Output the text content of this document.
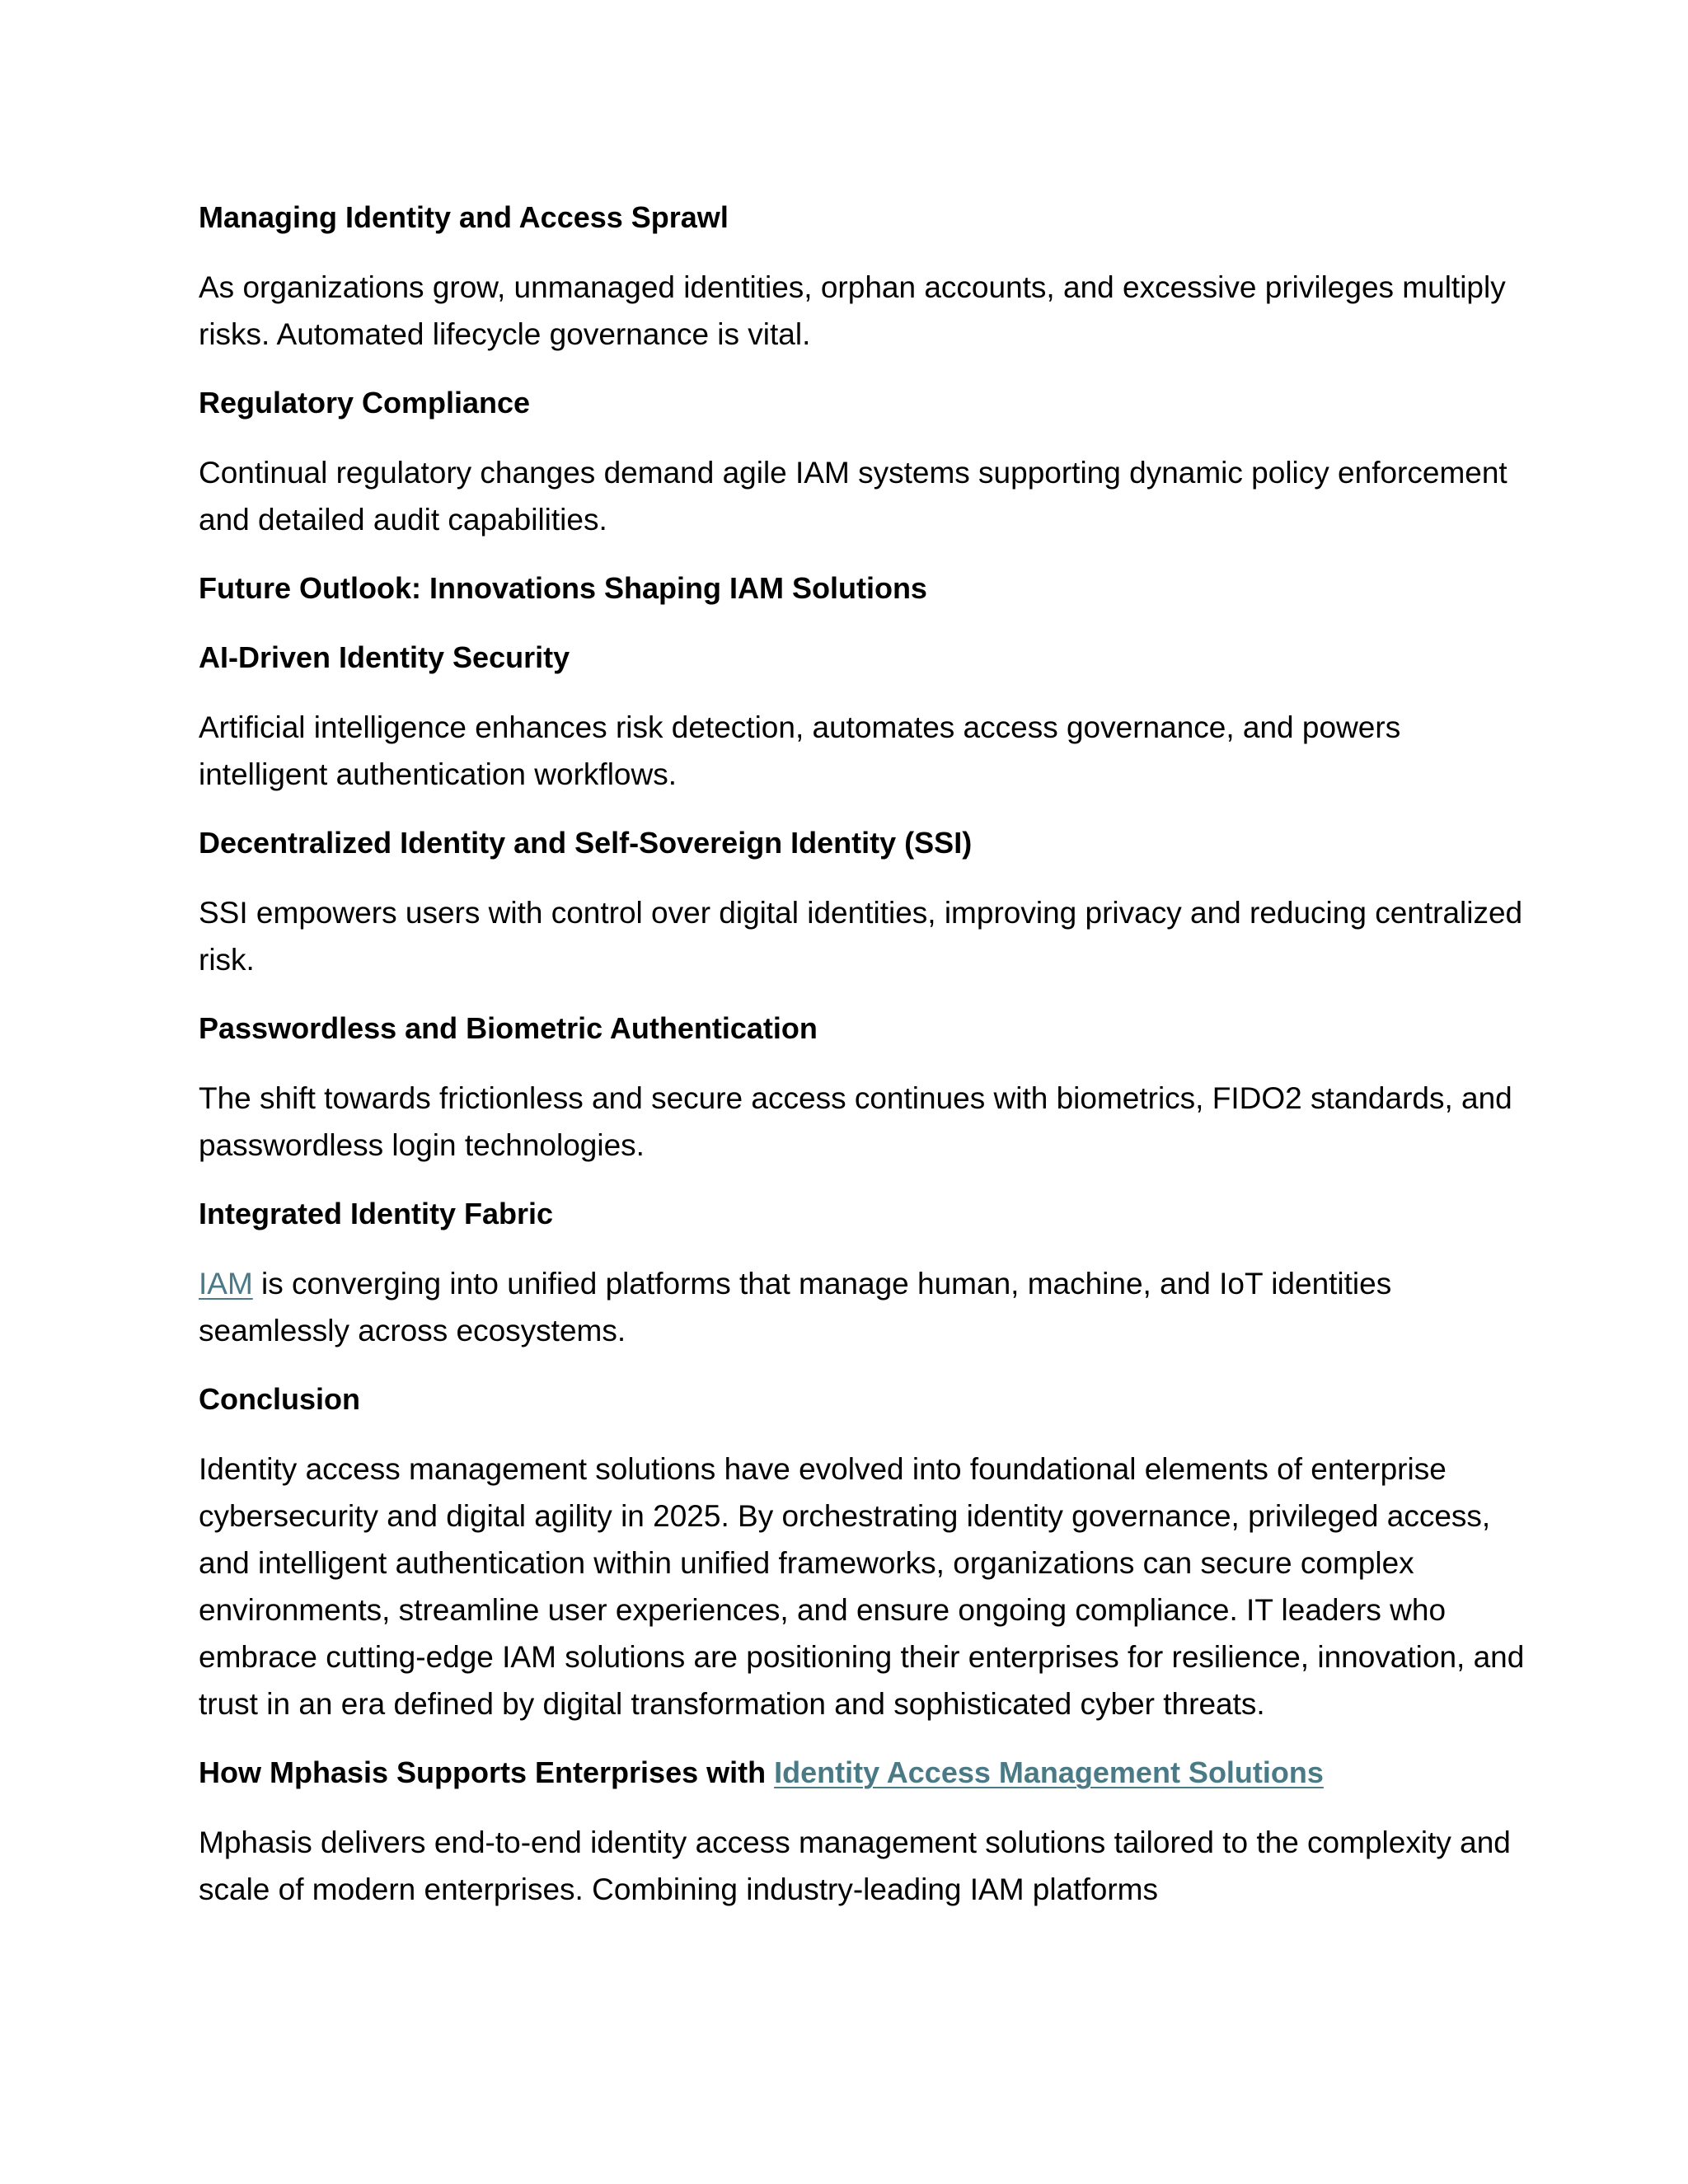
Managing Identity and Access Sprawl

As organizations grow, unmanaged identities, orphan accounts, and excessive privileges multiply risks. Automated lifecycle governance is vital.

Regulatory Compliance

Continual regulatory changes demand agile IAM systems supporting dynamic policy enforcement and detailed audit capabilities.

Future Outlook: Innovations Shaping IAM Solutions
AI-Driven Identity Security

Artificial intelligence enhances risk detection, automates access governance, and powers intelligent authentication workflows.

Decentralized Identity and Self-Sovereign Identity (SSI)

SSI empowers users with control over digital identities, improving privacy and reducing centralized risk.

Passwordless and Biometric Authentication

The shift towards frictionless and secure access continues with biometrics, FIDO2 standards, and passwordless login technologies.

Integrated Identity Fabric

IAM is converging into unified platforms that manage human, machine, and IoT identities seamlessly across ecosystems.

Conclusion

Identity access management solutions have evolved into foundational elements of enterprise cybersecurity and digital agility in 2025. By orchestrating identity governance, privileged access, and intelligent authentication within unified frameworks, organizations can secure complex environments, streamline user experiences, and ensure ongoing compliance. IT leaders who embrace cutting-edge IAM solutions are positioning their enterprises for resilience, innovation, and trust in an era defined by digital transformation and sophisticated cyber threats.

How Mphasis Supports Enterprises with Identity Access Management Solutions

Mphasis delivers end-to-end identity access management solutions tailored to the complexity and scale of modern enterprises. Combining industry-leading IAM platforms
